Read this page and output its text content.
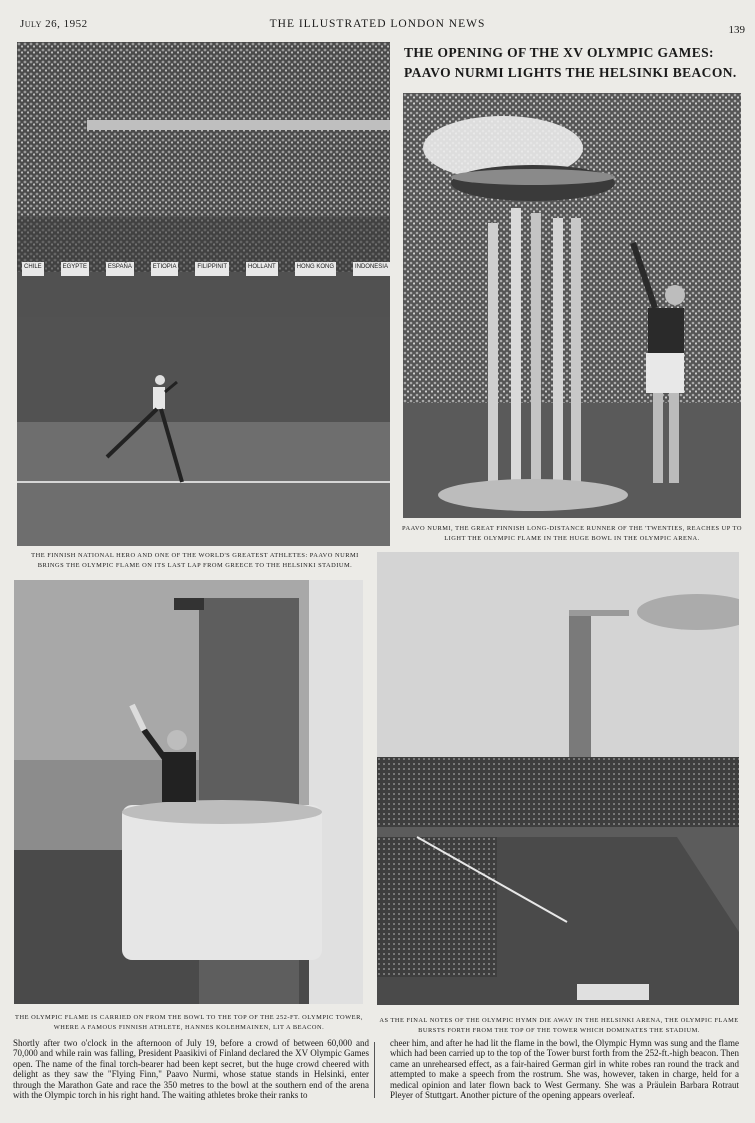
July 26, 1952	THE ILLUSTRATED LONDON NEWS	139
THE OPENING OF THE XV OLYMPIC GAMES:
PAAVO NURMI LIGHTS THE HELSINKI BEACON.
CHILE	EGYPTE	ESPAÑA	ETIOPIA	FILIPPINIT	HOLLANT	HONG KONG	INDONESIA
THE FINNISH NATIONAL HERO AND ONE OF THE WORLD'S GREATEST ATHLETES: PAAVO NURMI BRINGS THE OLYMPIC FLAME ON ITS LAST LAP FROM GREECE TO THE HELSINKI STADIUM.
PAAVO NURMI, THE GREAT FINNISH LONG-DISTANCE RUNNER OF THE 'TWENTIES, REACHES UP TO LIGHT THE OLYMPIC FLAME IN THE HUGE BOWL IN THE OLYMPIC ARENA.
THE OLYMPIC FLAME IS CARRIED ON FROM THE BOWL TO THE TOP OF THE 252-FT. OLYMPIC TOWER, WHERE A FAMOUS FINNISH ATHLETE, HANNES KOLEHMAINEN, LIT A BEACON.
AS THE FINAL NOTES OF THE OLYMPIC HYMN DIE AWAY IN THE HELSINKI ARENA, THE OLYMPIC FLAME BURSTS FORTH FROM THE TOP OF THE TOWER WHICH DOMINATES THE STADIUM.
Shortly after two o'clock in the afternoon of July 19, before a crowd of between 60,000 and 70,000 and while rain was falling, President Paasikivi of Finland declared the XV Olympic Games open. The name of the final torch-bearer had been kept secret, but the huge crowd cheered with delight as they saw the "Flying Finn," Paavo Nurmi, whose statue stands in Helsinki, enter through the Marathon Gate and race the 350 metres to the bowl at the southern end of the arena with the Olympic torch in his right hand. The waiting athletes broke their ranks to
cheer him, and after he had lit the flame in the bowl, the Olympic Hymn was sung and the flame which had been carried up to the top of the Tower burst forth from the 252-ft.-high beacon. Then came an unrehearsed effect, as a fair-haired German girl in white robes ran round the track and attempted to make a speech from the rostrum. She was, however, taken in charge, held for a medical opinion and later flown back to West Germany. She was a Präulein Barbara Rotraut Pleyer of Stuttgart. Another picture of the opening appears overleaf.
